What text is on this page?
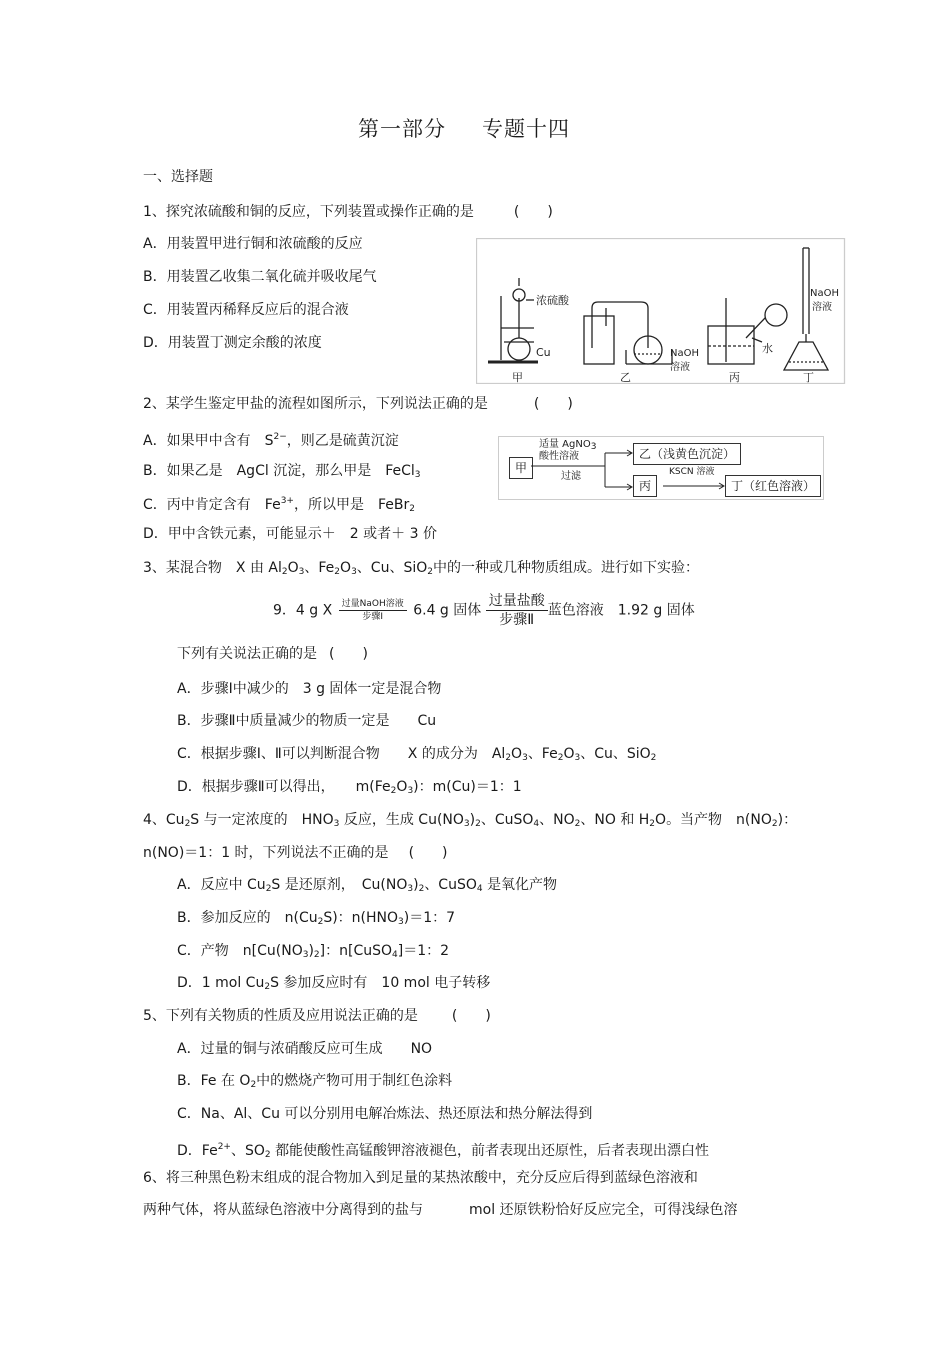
第一部分 专题十四
一、选择题
1、探究浓硫酸和铜的反应，下列装置或操作正确的是	(　　)
A．用装置甲进行铜和浓硫酸的反应
B．用装置乙收集二氧化硫并吸收尾气
C．用装置丙稀释反应后的混合液
D．用装置丁测定余酸的浓度
浓硫酸
Cu
甲
NaOH
溶液
乙
水
丙
NaOH
溶液
丁
2、某学生鉴定甲盐的流程如图所示，下列说法正确的是	(　　)
A．如果甲中含有 $S^{2-}$，则乙是硫黄沉淀
B．如果乙是 AgCl 沉淀，那么甲是 FeCl$_3$
C．丙中肯定含有 $Fe^{3+}$，所以甲是 FeBr$_2$
D．甲中含铁元素，可能显示＋　2 或者＋ 3 价
甲
适量 AgNO$_3$
酸性溶液
过滤
乙（浅黄色沉淀）
丙
KSCN 溶液
丁（红色溶液）
3、某混合物 X 由 $Al_2O_3$、$Fe_2O_3$、Cu、SiO$_2$中的一种或几种物质组成。进行如下实验：
9．4 g X $\frac{\text{过量NaOH溶液}}{\text{步骤Ⅰ}} 6.4$ g 固体 $\frac{\text{过量盐酸}}{\text{步骤Ⅱ}}$ 蓝色溶液　 1.92 g 固体
下列有关说法正确的是 (　　)
A．步骤Ⅰ中减少的　3 g 固体一定是混合物
B．步骤Ⅱ中质量减少的物质一定是　　Cu
C．根据步骤Ⅰ、Ⅱ可以判断混合物　　X 的成分为　$Al_2O_3$、$Fe_2O_3$、Cu、SiO$_2$
D．根据步骤Ⅱ可以得出，　　$m(Fe_2O_3)$：m(Cu)＝1：1
4、$Cu_2S$ 与一定浓度的　$HNO_3$ 反应，生成 $Cu(NO_3)_2$、CuSO$_4$、$NO_2$、NO 和 $H_2O$。当产物　$n(NO_2)$：
n(NO)＝1：1 时，下列说法不正确的是 (　　)
A．反应中 $Cu_2S$ 是还原剂，　$Cu(NO_3)_2$、CuSO$_4$ 是氧化产物
B．参加反应的　$n(Cu_2S)$：$n(HNO_3)=1$：7
C．产物　$n[Cu(NO_3)_2]$：n[CuSO$_4$]＝1：2
D．1 mol $Cu_2S$ 参加反应时有　10 mol 电子转移
5、下列有关物质的性质及应用说法正确的是 (　　)
A．过量的铜与浓硝酸反应可生成　　NO
B．Fe 在 $O_2$中的燃烧产物可用于制红色涂料
C．Na、Al、Cu 可以分别用电解冶炼法、热还原法和热分解法得到
D．$Fe^{2+}$、$SO_2$ 都能使酸性高锰酸钾溶液褪色，前者表现出还原性，后者表现出漂白性
6、将三种黑色粉末组成的混合物加入到足量的某热浓酸中，充分反应后得到蓝绿色溶液和
两种气体，将从蓝绿色溶液中分离得到的盐与	mol 还原铁粉恰好反应完全，可得浅绿色溶
